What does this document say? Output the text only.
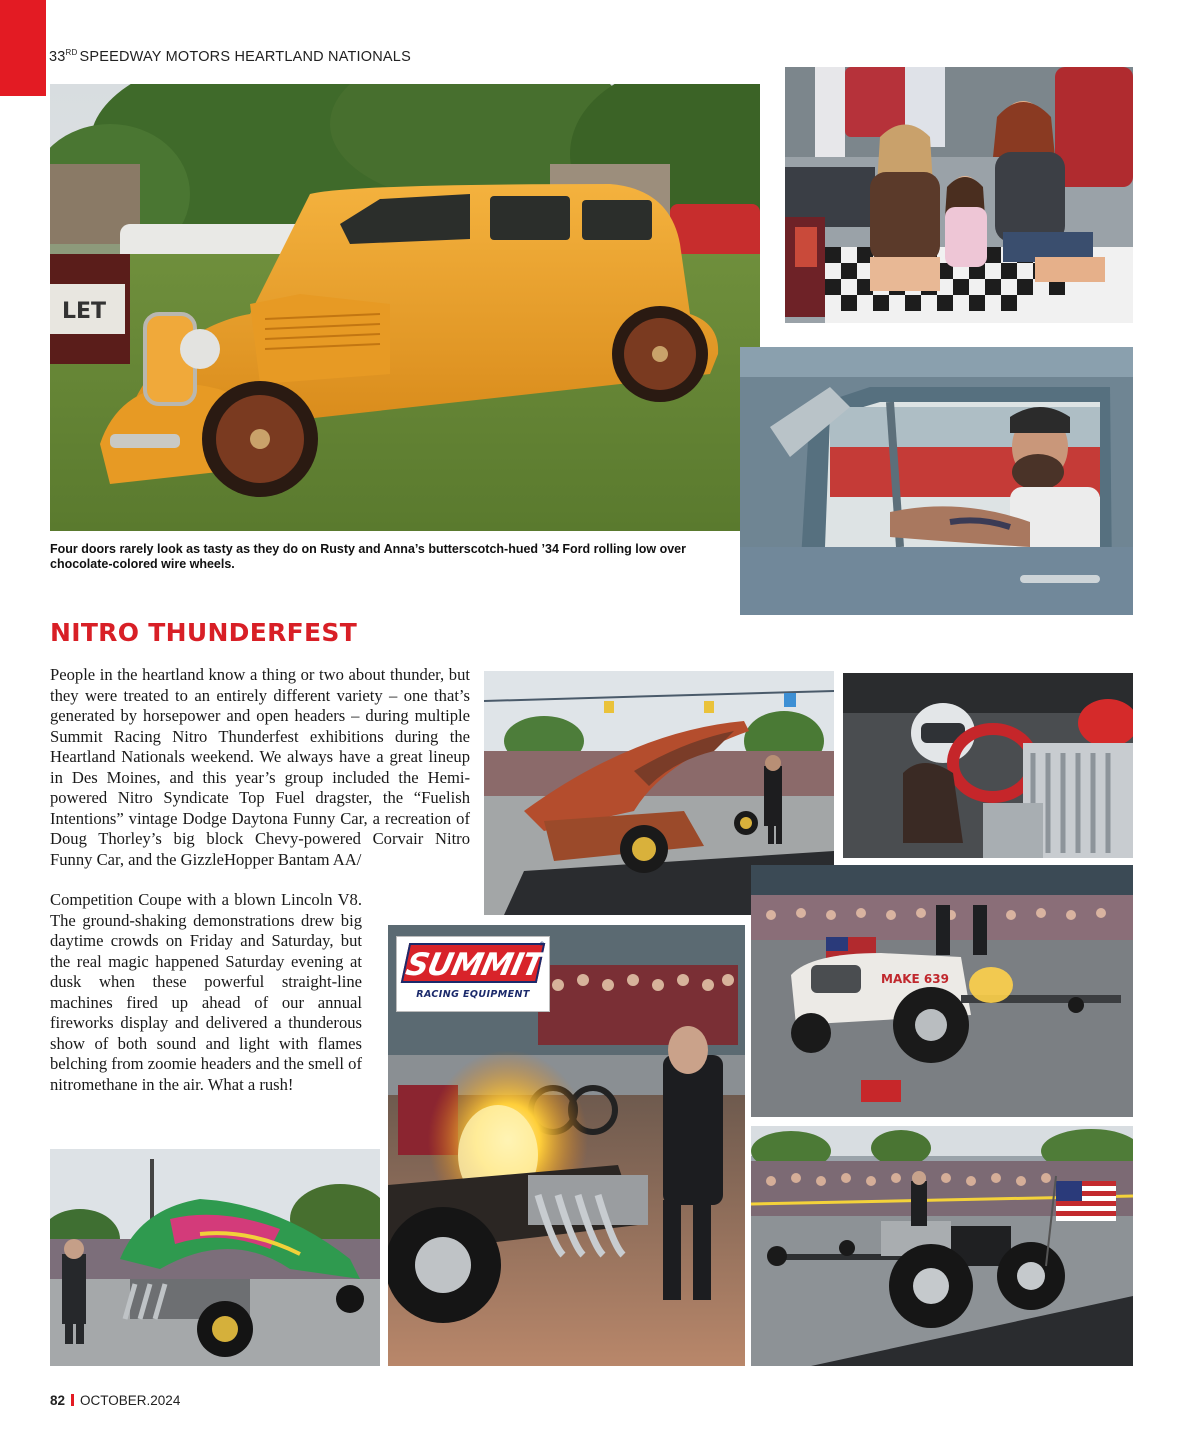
33RD SPEEDWAY MOTORS HEARTLAND NATIONALS
LET
Four doors rarely look as tasty as they do on Rusty and Anna’s butterscotch-hued ’34 Ford rolling low over chocolate-colored wire wheels.
NITRO THUNDERFEST
People in the heartland know a thing or two about thunder, but they were treated to an entirely different variety – one that’s generated by horsepower and open headers – during multiple Summit Racing Nitro Thunderfest exhibitions during the Heartland Nationals weekend. We always have a great lineup in Des Moines, and this year’s group included the Hemi-powered Nitro Syndicate Top Fuel dragster, the “Fuelish Intentions” vintage Dodge Daytona Funny Car, a recreation of Doug Thorley’s big block Chevy-powered Corvair Nitro Funny Car, and the GizzleHopper Bantam AA/
Competition Coupe with a blown Lincoln V8. The ground-shaking demonstrations drew big daytime crowds on Friday and Saturday, but the real magic happened Saturday evening at dusk when these powerful straight-line machines fired up ahead of our annual fireworks display and delivered a thunderous show of both sound and light with flames belching from zoomie headers and the smell of nitromethane in the air. What a rush!
SUMMIT
RACING EQUIPMENT
®
MAKE 639
82 OCTOBER.2024
